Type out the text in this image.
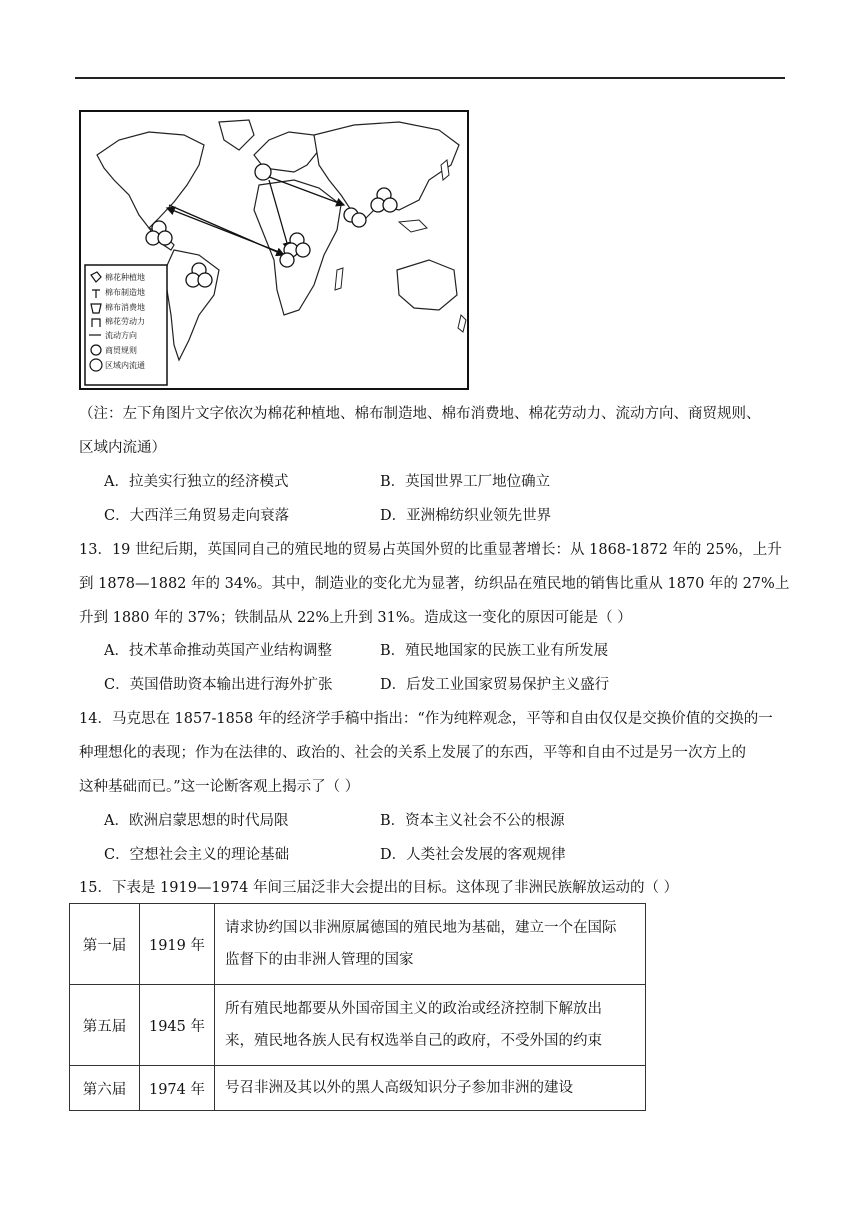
棉花种植地
棉布制造地
棉布消费地
棉花劳动力
流动方向
商贸规则
区域内流通
（注：左下角图片文字依次为棉花种植地、棉布制造地、棉布消费地、棉花劳动力、流动方向、商贸规则、
区域内流通）
A．拉美实行独立的经济模式	B．英国世界工厂地位确立
C．大西洋三角贸易走向衰落	D．亚洲棉纺织业领先世界
13．19 世纪后期，英国同自己的殖民地的贸易占英国外贸的比重显著增长：从 1868-1872 年的 25%，上升
到 1878—1882 年的 34%。其中，制造业的变化尤为显著，纺织品在殖民地的销售比重从 1870 年的 27%上
升到 1880 年的 37%；铁制品从 22%上升到 31%。造成这一变化的原因可能是（ ）
A．技术革命推动英国产业结构调整	B．殖民地国家的民族工业有所发展
C．英国借助资本输出进行海外扩张	D．后发工业国家贸易保护主义盛行
14．马克思在 1857-1858 年的经济学手稿中指出：“作为纯粹观念，平等和自由仅仅是交换价值的交换的一
种理想化的表现；作为在法律的、政治的、社会的关系上发展了的东西，平等和自由不过是另一次方上的
这种基础而已。”这一论断客观上揭示了（ ）
A．欧洲启蒙思想的时代局限	B．资本主义社会不公的根源
C．空想社会主义的理论基础	D．人类社会发展的客观规律
15．下表是 1919—1974 年间三届泛非大会提出的目标。这体现了非洲民族解放运动的（ ）
第一届	1919 年	请求协约国以非洲原属德国的殖民地为基础，建立一个在国际
监督下的由非洲人管理的国家

第五届	1945 年	所有殖民地都要从外国帝国主义的政治或经济控制下解放出
来，殖民地各族人民有权选举自己的政府，不受外国的约束

第六届	1974 年	号召非洲及其以外的黑人高级知识分子参加非洲的建设
